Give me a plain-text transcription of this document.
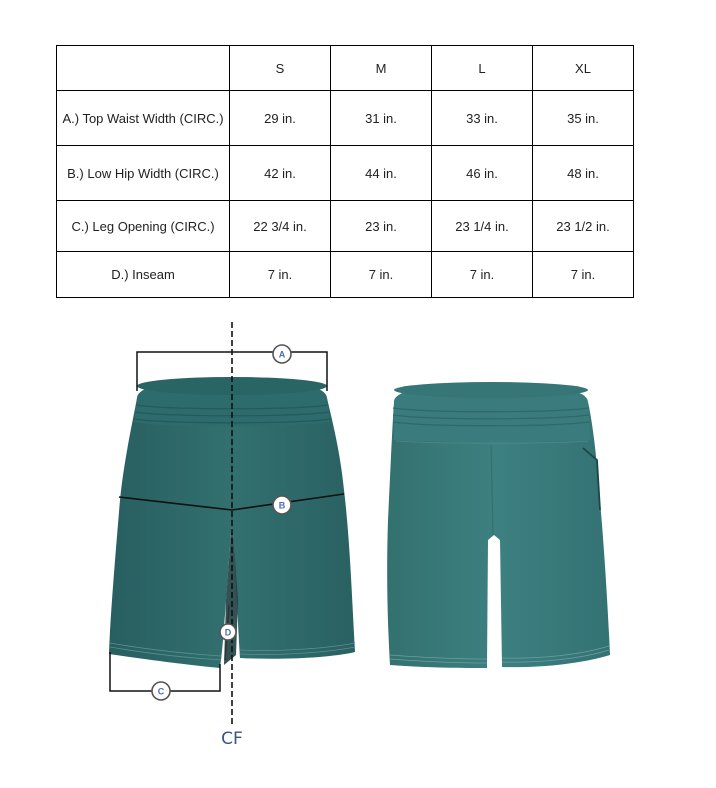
	S	M	L	XL
A.) Top Waist Width (CIRC.)	29 in.	31 in.	33 in.	35 in.
B.) Low Hip Width (CIRC.)	42 in.	44 in.	46 in.	48 in.
C.) Leg Opening (CIRC.)	22 3/4 in.	23 in.	23 1/4 in.	23 1/2 in.
D.) Inseam	7 in.	7 in.	7 in.	7 in.
CF
A
B
C
D
